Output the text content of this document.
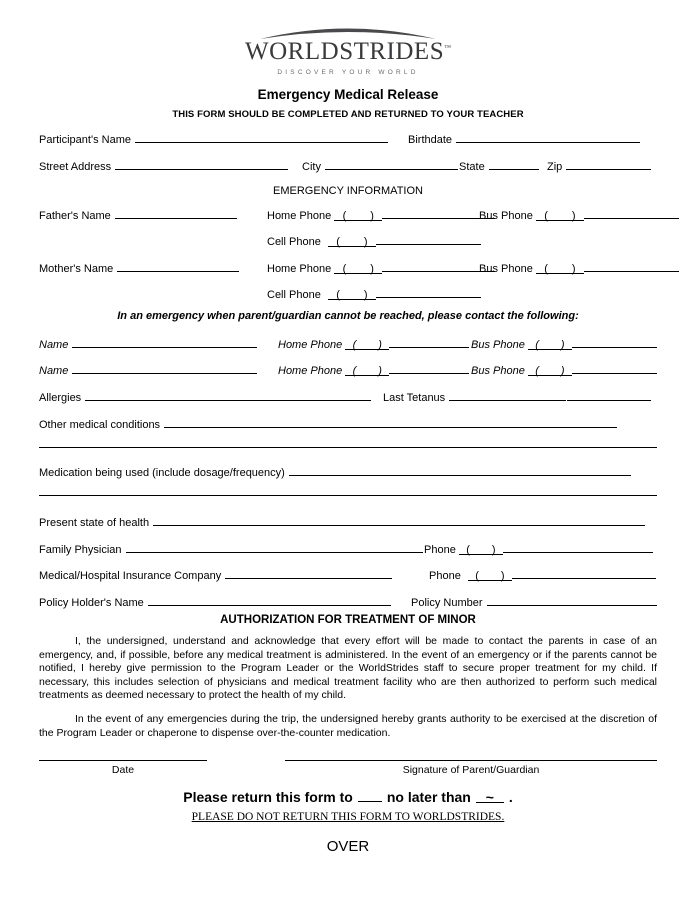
WORLDSTRIDES™
DISCOVER YOUR WORLD
Emergency Medical Release
THIS FORM SHOULD BE COMPLETED AND RETURNED TO YOUR TEACHER
Participant's Name	Birthdate
Street Address	City	State	Zip
EMERGENCY INFORMATION
Father's Name	Home Phone ( )	Bus Phone ( )
Cell Phone ( )
Mother's Name	Home Phone ( )	Bus Phone ( )
Cell Phone ( )
In an emergency when parent/guardian cannot be reached, please contact the following:
Name	Home Phone ( )	Bus Phone ( )
Name	Home Phone ( )	Bus Phone ( )
Allergies	Last Tetanus
Other medical conditions
Medication being used (include dosage/frequency)
Present state of health
Family Physician	Phone ( )
Medical/Hospital Insurance Company	Phone ( )
Policy Holder's Name	Policy Number
AUTHORIZATION FOR TREATMENT OF MINOR
I, the undersigned, understand and acknowledge that every effort will be made to contact the parents in case of an emergency, and, if possible, before any medical treatment is administered. In the event of an emergency or if the parents cannot be notified, I hereby give permission to the Program Leader or the WorldStrides staff to secure proper treatment for my child. If necessary, this includes selection of physicians and medical treatment facility who are then authorized to perform such medical treatments as deemed necessary to protect the health of my child.
In the event of any emergencies during the trip, the undersigned hereby grants authority to be exercised at the discretion of the Program Leader or chaperone to dispense over-the-counter medication.
Date	Signature of Parent/Guardian
Please return this form to no later than ~ .
PLEASE DO NOT RETURN THIS FORM TO WORLDSTRIDES.
OVER
